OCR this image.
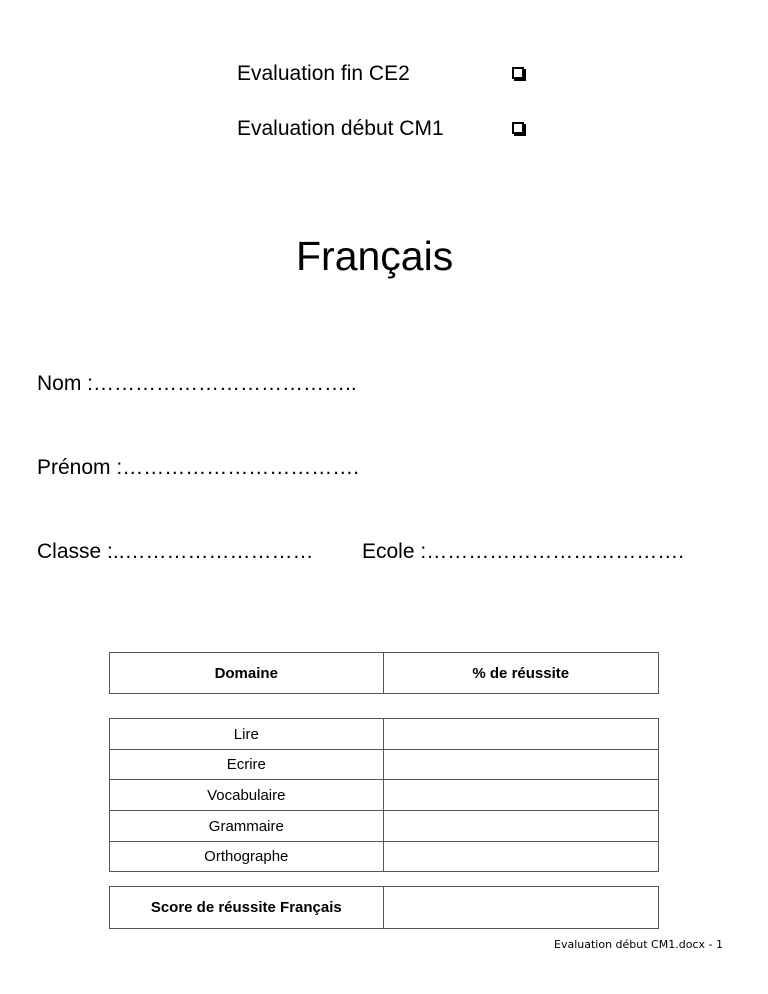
Evaluation fin CE2
Evaluation début CM1
Français
Nom :………………………………..
Prénom :…………………………….
Classe :..……………………… Ecole :……………………………….
Domaine	% de réussite
Lire	
Ecrire	
Vocabulaire	
Grammaire	
Orthographe	
Score de réussite Français	
Evaluation début CM1.docx - 1
